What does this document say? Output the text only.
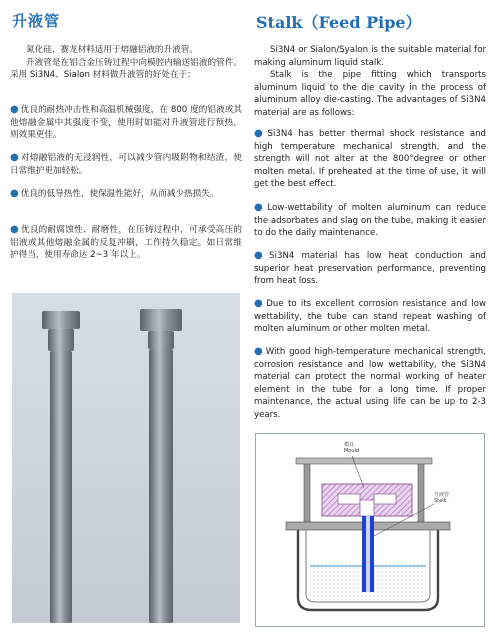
升液管	Stalk（Feed Pipe）

氮化硅、赛龙材料适用于熔融铝液的升液管。

升液管是在铝合金压铸过程中向模腔内输送铝液的管件。采用 Si3N4、Sialon 材料做升液管的好处在于：

● 优良的耐热冲击性和高温机械强度，在 800 度的铝液或其他熔融金属中其强度不变，使用时如能对升液管进行预热，则效果更佳。

● 对熔融铝液的无浸润性，可以减少管内吸附物和结渣，使日常维护更加轻松。

● 优良的低导热性，使保温性能好，从而减少热损失。

● 优良的耐腐蚀性、耐磨性，在压铸过程中，可承受高压的铝液或其他熔融金属的反复冲刷，工作持久稳定。如日常维护得当，使用寿命达 2~3 年以上。

Si3N4 or Sialon/Syalon is the suitable material for making aluminum liquid stalk.

Stalk is the pipe fitting which transports aluminum liquid to the die cavity in the process of aluminum alloy die-casting. The advantages of Si3N4 material are as follows:

● Si3N4 has better thermal shock resistance and high temperature mechanical strength, and the strength will not alter at the 800°degree or other molten metal. If preheated at the time of use, it will get the best effect.

● Low-wettability of molten aluminum can reduce the adsorbates and slag on the tube, making it easier to do the daily maintenance.

● Si3N4 material has low heat conduction and superior heat preservation performance, preventing from heat loss.

● Due to its excellent corrosion resistance and low wettability, the tube can stand repeat washing of molten aluminum or other molten metal.

● With good high-temperature mechanical strength, corrosion resistance and low wettability, the Si3N4 material can protect the normal working of heater element in the tube for a long time. If proper maintenance, the actual using life can be up to 2-3 years.

模具
Mould
升液管
Stalk
